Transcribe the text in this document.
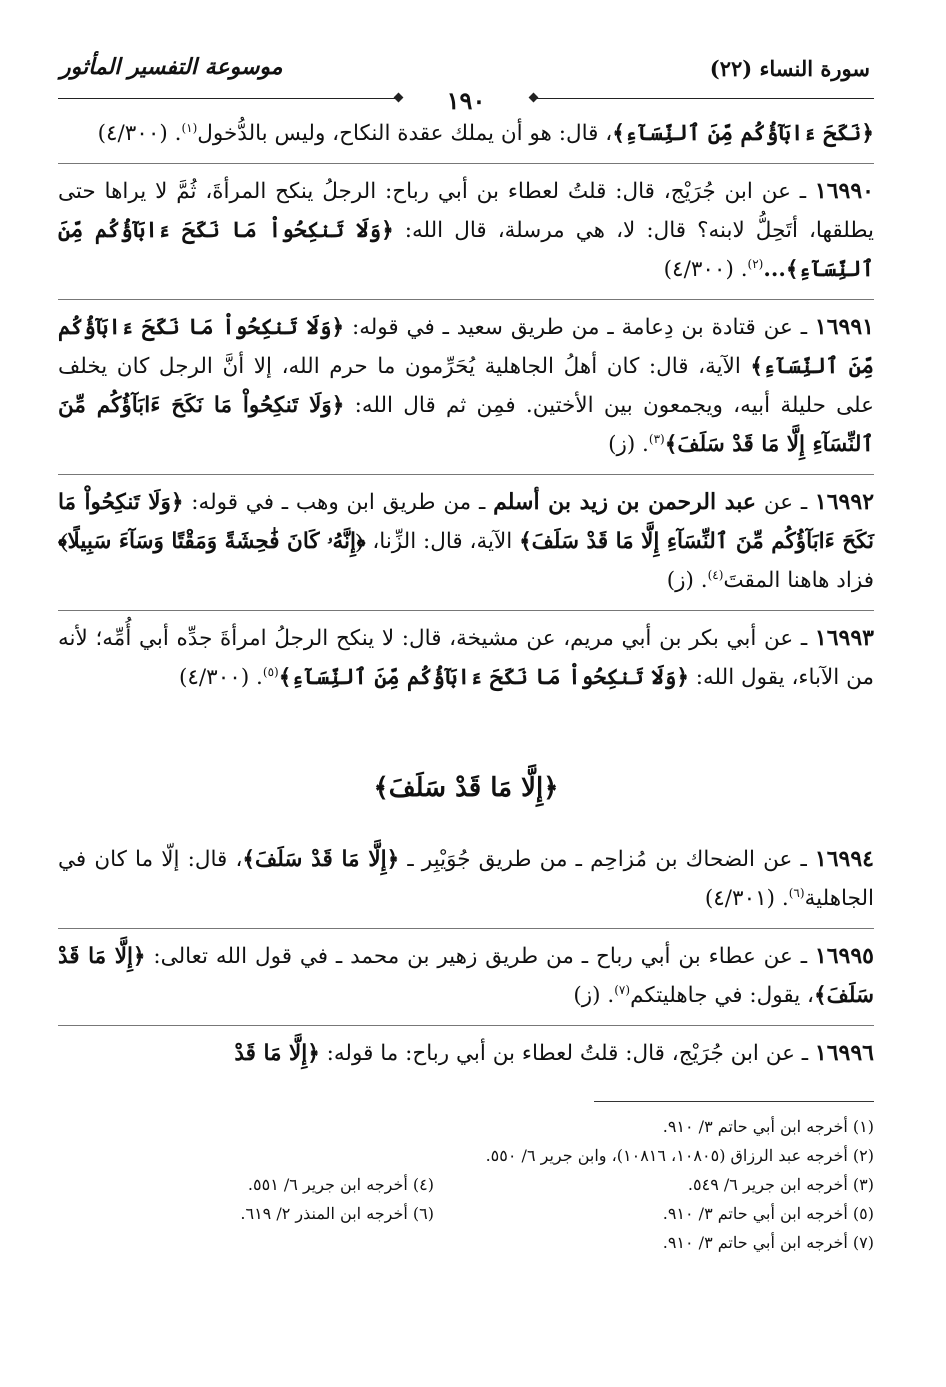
سورة النساء (٢٢)
موسوعة التفسير المأثور
١٩٠

﴿نَكَحَ ءَابَآؤُكُم مِّنَ ٱلنِّسَآءِ﴾، قال: هو أن يملك عقدة النكاح، وليس بالدُّخول$^{(١)}$. (٤/٣٠٠)

١٦٩٩٠ ـ عن ابن جُرَيْج، قال: قلتُ لعطاء بن أبي رباح: الرجلُ ينكح المرأةَ، ثُمَّ لا يراها حتى يطلقها، أتَحِلُّ لابنه؟ قال: لا، هي مرسلة، قال الله: ﴿وَلَا تَنكِحُواْ مَا نَكَحَ ءَابَآؤُكُم مِّنَ ٱلنِّسَآءِ﴾...$^{(٢)}$. (٤/٣٠٠)

١٦٩٩١ ـ عن قتادة بن دِعامة ـ من طريق سعيد ـ في قوله: ﴿وَلَا تَنكِحُواْ مَا نَكَحَ ءَابَآؤُكُم مِّنَ ٱلنِّسَآءِ﴾ الآية، قال: كان أهلُ الجاهلية يُحَرِّمون ما حرم الله، إلا أنَّ الرجل كان يخلف على حليلة أبيه، ويجمعون بين الأختين. فمِن ثم قال الله: ﴿وَلَا تَنكِحُواْ مَا نَكَحَ ءَابَآؤُكُم مِّنَ ٱلنِّسَآءِ إِلَّا مَا قَدْ سَلَفَ﴾$^{(٣)}$. (ز)

١٦٩٩٢ ـ عن عبد الرحمن بن زيد بن أسلم ـ من طريق ابن وهب ـ في قوله: ﴿وَلَا تَنكِحُواْ مَا نَكَحَ ءَابَآؤُكُم مِّنَ ٱلنِّسَآءِ إِلَّا مَا قَدْ سَلَفَ﴾ الآية، قال: الزِّنا، ﴿إِنَّهُۥ كَانَ فَٰحِشَةً وَمَقْتًا وَسَآءَ سَبِيلًا﴾ فزاد هاهنا المقتَ$^{(٤)}$. (ز)

١٦٩٩٣ ـ عن أبي بكر بن أبي مريم، عن مشيخة، قال: لا ينكح الرجلُ امرأةَ جدِّه أبي أُمِّه؛ لأنه من الآباء، يقول الله: ﴿وَلَا تَنكِحُواْ مَا نَكَحَ ءَابَآؤُكُم مِّنَ ٱلنِّسَآءِ﴾$^{(٥)}$. (٤/٣٠٠)

﴿إِلَّا مَا قَدْ سَلَفَ﴾

١٦٩٩٤ ـ عن الضحاك بن مُزاحِم ـ من طريق جُوَيْبِر ـ ﴿إِلَّا مَا قَدْ سَلَفَ﴾، قال: إلّا ما كان في الجاهلية$^{(٦)}$. (٤/٣٠١)

١٦٩٩٥ ـ عن عطاء بن أبي رباح ـ من طريق زهير بن محمد ـ في قول الله تعالى: ﴿إِلَّا مَا قَدْ سَلَفَ﴾، يقول: في جاهليتكم$^{(٧)}$. (ز)

١٦٩٩٦ ـ عن ابن جُرَيْج، قال: قلتُ لعطاء بن أبي رباح: ما قوله: ﴿إِلَّا مَا قَدْ

(١) أخرجه ابن أبي حاتم ٣/ ٩١٠.
(٢) أخرجه عبد الرزاق (١٠٨٠٥، ١٠٨١٦)، وابن جرير ٦/ ٥٥٠.
(٣) أخرجه ابن جرير ٦/ ٥٤٩.
(٤) أخرجه ابن جرير ٦/ ٥٥١.
(٥) أخرجه ابن أبي حاتم ٣/ ٩١٠.
(٦) أخرجه ابن المنذر ٢/ ٦١٩.
(٧) أخرجه ابن أبي حاتم ٣/ ٩١٠.
